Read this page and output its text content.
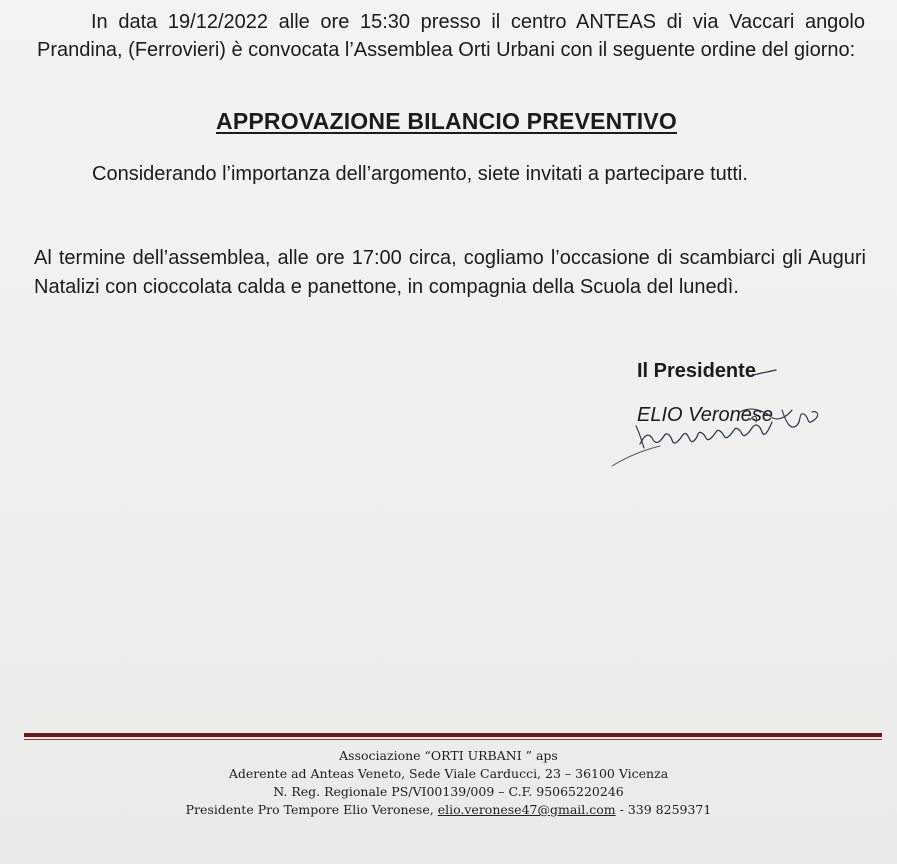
In data 19/12/2022 alle ore 15:30 presso il centro ANTEAS di via Vaccari angolo Prandina, (Ferrovieri) è convocata l’Assemblea Orti Urbani con il seguente ordine del giorno:

APPROVAZIONE BILANCIO PREVENTIVO

Considerando l’importanza dell’argomento, siete invitati a partecipare tutti.

Al termine dell’assemblea, alle ore 17:00 circa, cogliamo l’occasione di scambiarci gli Auguri Natalizi con cioccolata calda e panettone, in compagnia della Scuola del lunedì.

Il Presidente

ELIO Veronese

Associazione “ORTI URBANI ” aps
Aderente ad Anteas Veneto, Sede Viale Carducci, 23 – 36100 Vicenza
N. Reg. Regionale PS/VI00139/009 – C.F. 95065220246
Presidente Pro Tempore Elio Veronese, elio.veronese47@gmail.com - 339 8259371
